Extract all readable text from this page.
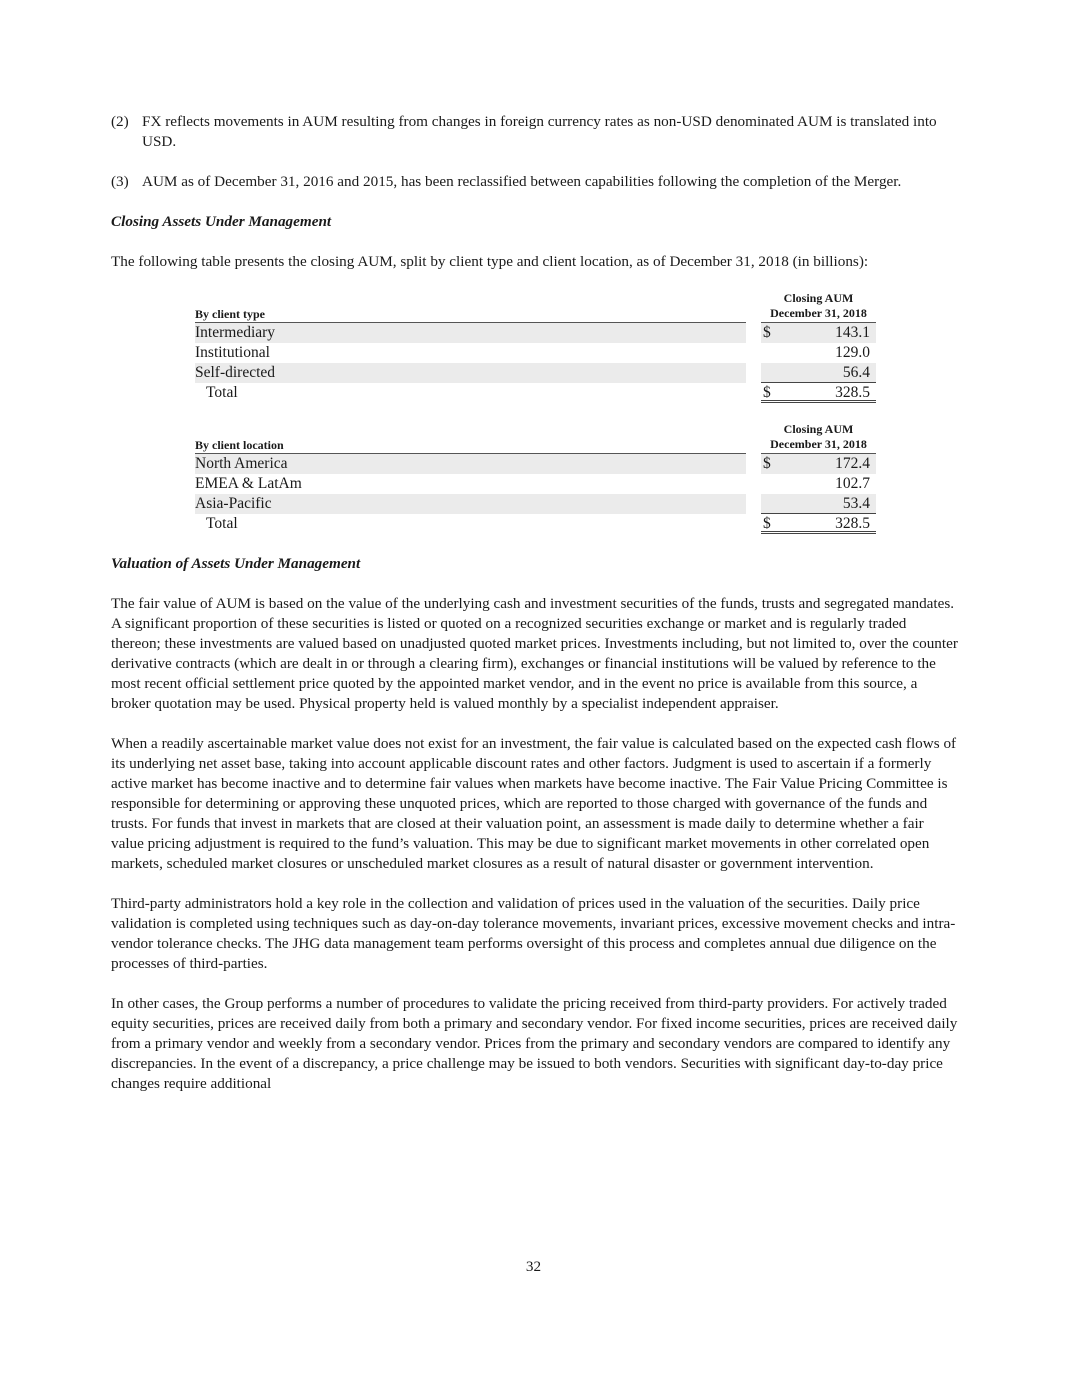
(2) FX reflects movements in AUM resulting from changes in foreign currency rates as non-USD denominated AUM is translated into USD.
(3) AUM as of December 31, 2016 and 2015, has been reclassified between capabilities following the completion of the Merger.
Closing Assets Under Management

The following table presents the closing AUM, split by client type and client location, as of December 31, 2018 (in billions):

By client type
Closing AUM
December 31, 2018
Intermediary	$	143.1
Institutional	129.0
Self-directed	56.4
Total	$	328.5
By client location
Closing AUM
December 31, 2018
North America	$	172.4
EMEA & LatAm	102.7
Asia-Pacific	53.4
Total	$	328.5
Valuation of Assets Under Management

The fair value of AUM is based on the value of the underlying cash and investment securities of the funds, trusts and segregated mandates. A significant proportion of these securities is listed or quoted on a recognized securities exchange or market and is regularly traded thereon; these investments are valued based on unadjusted quoted market prices. Investments including, but not limited to, over the counter derivative contracts (which are dealt in or through a clearing firm), exchanges or financial institutions will be valued by reference to the most recent official settlement price quoted by the appointed market vendor, and in the event no price is available from this source, a broker quotation may be used. Physical property held is valued monthly by a specialist independent appraiser.

When a readily ascertainable market value does not exist for an investment, the fair value is calculated based on the expected cash flows of its underlying net asset base, taking into account applicable discount rates and other factors. Judgment is used to ascertain if a formerly active market has become inactive and to determine fair values when markets have become inactive. The Fair Value Pricing Committee is responsible for determining or approving these unquoted prices, which are reported to those charged with governance of the funds and trusts. For funds that invest in markets that are closed at their valuation point, an assessment is made daily to determine whether a fair value pricing adjustment is required to the fund’s valuation. This may be due to significant market movements in other correlated open markets, scheduled market closures or unscheduled market closures as a result of natural disaster or government intervention.

Third-party administrators hold a key role in the collection and validation of prices used in the valuation of the securities. Daily price validation is completed using techniques such as day-on-day tolerance movements, invariant prices, excessive movement checks and intra-vendor tolerance checks. The JHG data management team performs oversight of this process and completes annual due diligence on the processes of third-parties.

In other cases, the Group performs a number of procedures to validate the pricing received from third-party providers. For actively traded equity securities, prices are received daily from both a primary and secondary vendor. For fixed income securities, prices are received daily from a primary vendor and weekly from a secondary vendor. Prices from the primary and secondary vendors are compared to identify any discrepancies. In the event of a discrepancy, a price challenge may be issued to both vendors. Securities with significant day-to-day price changes require additional

32
